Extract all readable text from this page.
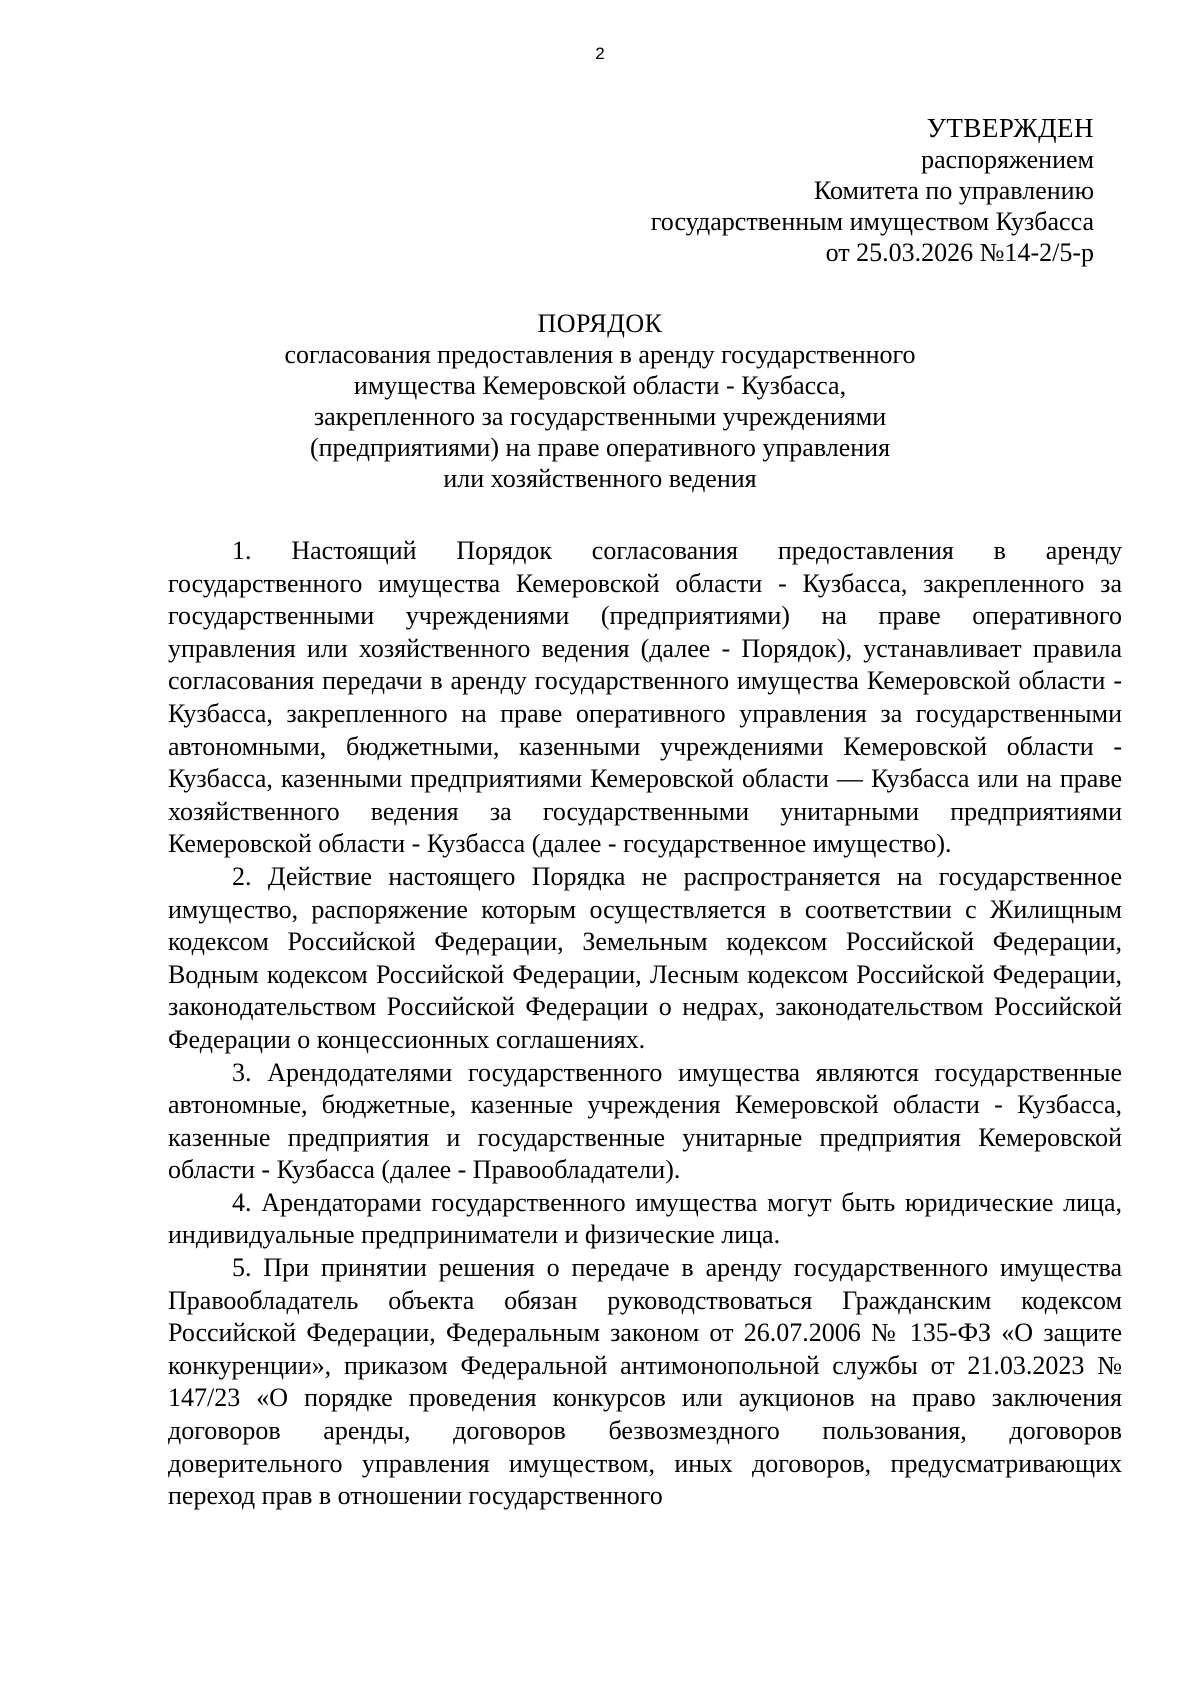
2
УТВЕРЖДЕН
распоряжением
Комитета по управлению
государственным имуществом Кузбасса
от 25.03.2026 №14-2/5-р
ПОРЯДОК
согласования предоставления в аренду государственного
имущества Кемеровской области - Кузбасса,
закрепленного за государственными учреждениями
(предприятиями) на праве оперативного управления
или хозяйственного ведения

1. Настоящий Порядок согласования предоставления в аренду государственного имущества Кемеровской области - Кузбасса, закрепленного за государственными учреждениями (предприятиями) на праве оперативного управления или хозяйственного ведения (далее - Порядок), устанавливает правила согласования передачи в аренду государственного имущества Кемеровской области - Кузбасса, закрепленного на праве оперативного управления за государственными автономными, бюджетными, казенными учреждениями Кемеровской области - Кузбасса, казенными предприятиями Кемеровской области — Кузбасса или на праве хозяйственного ведения за государственными унитарными предприятиями Кемеровской области - Кузбасса (далее - государственное имущество).

2. Действие настоящего Порядка не распространяется на государственное имущество, распоряжение которым осуществляется в соответствии с Жилищным кодексом Российской Федерации, Земельным кодексом Российской Федерации, Водным кодексом Российской Федерации, Лесным кодексом Российской Федерации, законодательством Российской Федерации о недрах, законодательством Российской Федерации о концессионных соглашениях.

3. Арендодателями государственного имущества являются государственные автономные, бюджетные, казенные учреждения Кемеровской области - Кузбасса, казенные предприятия и государственные унитарные предприятия Кемеровской области - Кузбасса (далее - Правообладатели).

4. Арендаторами государственного имущества могут быть юридические лица, индивидуальные предприниматели и физические лица.

5. При принятии решения о передаче в аренду государственного имущества Правообладатель объекта обязан руководствоваться Гражданским кодексом Российской Федерации, Федеральным законом от 26.07.2006 № 135-ФЗ «О защите конкуренции», приказом Федеральной антимонопольной службы от 21.03.2023 № 147/23 «О порядке проведения конкурсов или аукционов на право заключения договоров аренды, договоров безвозмездного пользования, договоров доверительного управления имуществом, иных договоров, предусматривающих переход прав в отношении государственного
